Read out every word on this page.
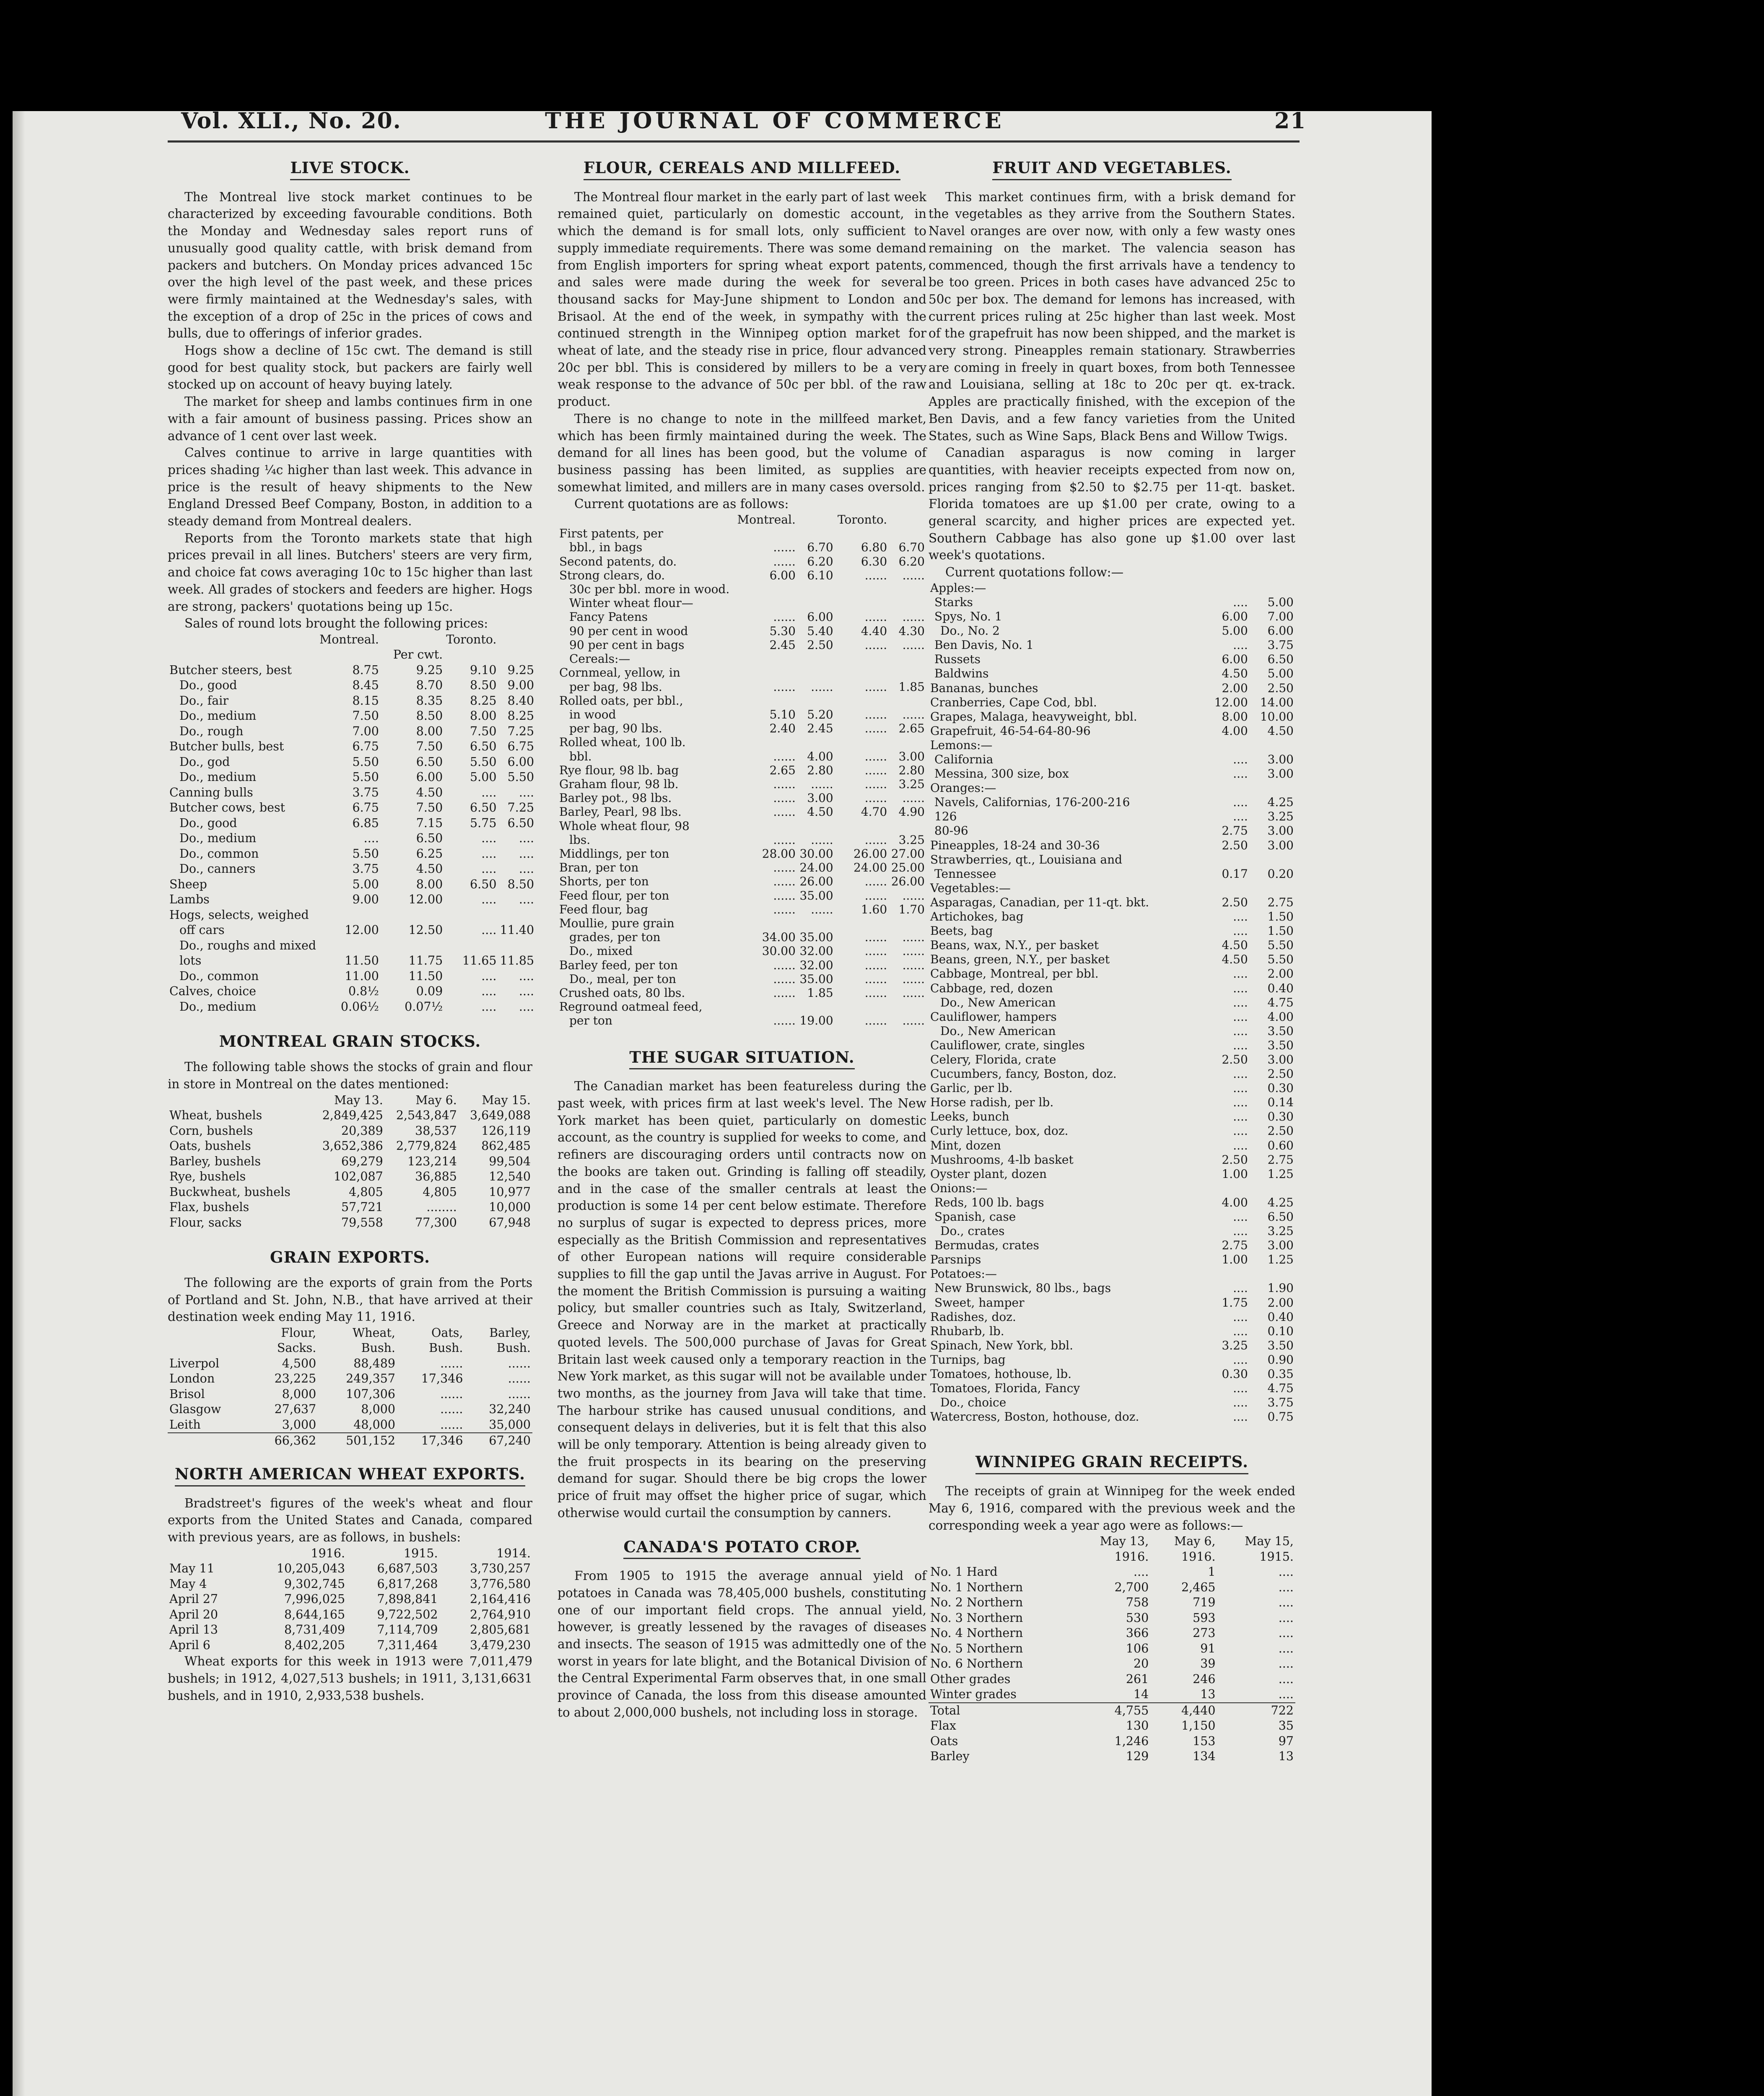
Vol. XLI., No. 20.	THE JOURNAL OF COMMERCE	21
LIVE STOCK.

The Montreal live stock market continues to be characterized by exceeding favourable conditions. Both the Monday and Wednesday sales report runs of unusually good quality cattle, with brisk demand from packers and butchers. On Monday prices advanced 15c over the high level of the past week, and these prices were firmly maintained at the Wednesday's sales, with the exception of a drop of 25c in the prices of cows and bulls, due to offerings of inferior grades.

Hogs show a decline of 15c cwt. The demand is still good for best quality stock, but packers are fairly well stocked up on account of heavy buying lately.

The market for sheep and lambs continues firm in one with a fair amount of business passing. Prices show an advance of 1 cent over last week.

Calves continue to arrive in large quantities with prices shading ¼c higher than last week. This advance in price is the result of heavy shipments to the New England Dressed Beef Company, Boston, in addition to a steady demand from Montreal dealers.

Reports from the Toronto markets state that high prices prevail in all lines. Butchers' steers are very firm, and choice fat cows averaging 10c to 15c higher than last week. All grades of stockers and feeders are higher. Hogs are strong, packers' quotations being up 15c.

Sales of round lots brought the following prices:

		Per cwt.		
	Montreal.		Toronto.	
Butcher steers, best	8.75	9.25	9.10	9.25
Do., good	8.45	8.70	8.50	9.00
Do., fair	8.15	8.35	8.25	8.40
Do., medium	7.50	8.50	8.00	8.25
Do., rough	7.00	8.00	7.50	7.25
Butcher bulls, best	6.75	7.50	6.50	6.75
Do., god	5.50	6.50	5.50	6.00
Do., medium	5.50	6.00	5.00	5.50
Canning bulls	3.75	4.50	....	....
Butcher cows, best	6.75	7.50	6.50	7.25
Do., good	6.85	7.15	5.75	6.50
Do., medium	....	6.50	....	....
Do., common	5.50	6.25	....	....
Do., canners	3.75	4.50	....	....
Sheep	5.00	8.00	6.50	8.50
Lambs	9.00	12.00	....	....
Hogs, selects, weighed				
off cars	12.00	12.50	....	11.40
Do., roughs and mixed				
lots	11.50	11.75	11.65	11.85
Do., common	11.00	11.50	....	....
Calves, choice	0.8½	0.09	....	....
Do., medium	0.06½	0.07½	....	....
MONTREAL GRAIN STOCKS.

The following table shows the stocks of grain and flour in store in Montreal on the dates mentioned:

	May 13.	May 6.	May 15.
Wheat, bushels	2,849,425	2,543,847	3,649,088
Corn, bushels	20,389	38,537	126,119
Oats, bushels	3,652,386	2,779,824	862,485
Barley, bushels	69,279	123,214	99,504
Rye, bushels	102,087	36,885	12,540
Buckwheat, bushels	4,805	4,805	10,977
Flax, bushels	57,721	........	10,000
Flour, sacks	79,558	77,300	67,948
GRAIN EXPORTS.

The following are the exports of grain from the Ports of Portland and St. John, N.B., that have arrived at their destination week ending May 11, 1916.

	Flour,	Wheat,	Oats,	Barley,
	Sacks.	Bush.	Bush.	Bush.
Liverpol	4,500	88,489	......	......
London	23,225	249,357	17,346	......
Brisol	8,000	107,306	......	......
Glasgow	27,637	8,000	......	32,240
Leith	3,000	48,000	......	35,000
	66,362	501,152	17,346	67,240
NORTH AMERICAN WHEAT EXPORTS.

Bradstreet's figures of the week's wheat and flour exports from the United States and Canada, compared with previous years, are as follows, in bushels:

	1916.	1915.	1914.
May 11	10,205,043	6,687,503	3,730,257
May 4	9,302,745	6,817,268	3,776,580
April 27	7,996,025	7,898,841	2,164,416
April 20	8,644,165	9,722,502	2,764,910
April 13	8,731,409	7,114,709	2,805,681
April 6	8,402,205	7,311,464	3,479,230

Wheat exports for this week in 1913 were 7,011,479 bushels; in 1912, 4,027,513 bushels; in 1911, 3,131,6631 bushels, and in 1910, 2,933,538 bushels.

FLOUR, CEREALS AND MILLFEED.

The Montreal flour market in the early part of last week remained quiet, particularly on domestic account, in which the demand is for small lots, only sufficient to supply immediate requirements. There was some demand from English importers for spring wheat export patents, and sales were made during the week for several thousand sacks for May-June shipment to London and Brisaol. At the end of the week, in sympathy with the continued strength in the Winnipeg option market for wheat of late, and the steady rise in price, flour advanced 20c per bbl. This is considered by millers to be a very weak response to the advance of 50c per bbl. of the raw product.

There is no change to note in the millfeed market, which has been firmly maintained during the week. The demand for all lines has been good, but the volume of business passing has been limited, as supplies are somewhat limited, and millers are in many cases oversold.

Current quotations are as follows:

	Montreal.		Toronto.	
First patents, per				
bbl., in bags	......	6.70	6.80	6.70
Second patents, do.	......	6.20	6.30	6.20
Strong clears, do.	6.00	6.10	......	......
30c per bbl. more in wood.				
Winter wheat flour—				
Fancy Patens	......	6.00	......	......
90 per cent in wood	5.30	5.40	4.40	4.30
90 per cent in bags	2.45	2.50	......	......
Cereals:—				
Cornmeal, yellow, in				
per bag, 98 lbs.	......	......	......	1.85
Rolled oats, per bbl.,				
in wood	5.10	5.20	......	......
per bag, 90 lbs.	2.40	2.45	......	2.65
Rolled wheat, 100 lb.				
bbl.	......	4.00	......	3.00
Rye flour, 98 lb. bag	2.65	2.80	......	2.80
Graham flour, 98 lb.	......	......	......	3.25
Barley pot., 98 lbs.	......	3.00	......	......
Barley, Pearl, 98 lbs.	......	4.50	4.70	4.90
Whole wheat flour, 98				
lbs.	......	......	......	3.25
Middlings, per ton	28.00	30.00	26.00	27.00
Bran, per ton	......	24.00	24.00	25.00
Shorts, per ton	......	26.00	......	26.00
Feed flour, per ton	......	35.00	......	......
Feed flour, bag	......	......	1.60	1.70
Moullie, pure grain				
grades, per ton	34.00	35.00	......	......
Do., mixed	30.00	32.00	......	......
Barley feed, per ton	......	32.00	......	......
Do., meal, per ton	......	35.00	......	......
Crushed oats, 80 lbs.	......	1.85	......	......
Reground oatmeal feed,				
per ton	......	19.00	......	......
THE SUGAR SITUATION.

The Canadian market has been featureless during the past week, with prices firm at last week's level. The New York market has been quiet, particularly on domestic account, as the country is supplied for weeks to come, and refiners are discouraging orders until contracts now on the books are taken out. Grinding is falling off steadily, and in the case of the smaller centrals at least the production is some 14 per cent below estimate. Therefore no surplus of sugar is expected to depress prices, more especially as the British Commission and representatives of other European nations will require considerable supplies to fill the gap until the Javas arrive in August. For the moment the British Commission is pursuing a waiting policy, but smaller countries such as Italy, Switzerland, Greece and Norway are in the market at practically quoted levels. The 500,000 purchase of Javas for Great Britain last week caused only a temporary reaction in the New York market, as this sugar will not be available under two months, as the journey from Java will take that time. The harbour strike has caused unusual conditions, and consequent delays in deliveries, but it is felt that this also will be only temporary. Attention is being already given to the fruit prospects in its bearing on the preserving demand for sugar. Should there be big crops the lower price of fruit may offset the higher price of sugar, which otherwise would curtail the consumption by canners.

CANADA'S POTATO CROP.

From 1905 to 1915 the average annual yield of potatoes in Canada was 78,405,000 bushels, constituting one of our important field crops. The annual yield, however, is greatly lessened by the ravages of diseases and insects. The season of 1915 was admittedly one of the worst in years for late blight, and the Botanical Division of the Central Experimental Farm observes that, in one small province of Canada, the loss from this disease amounted to about 2,000,000 bushels, not including loss in storage.

FRUIT AND VEGETABLES.

This market continues firm, with a brisk demand for the vegetables as they arrive from the Southern States. Navel oranges are over now, with only a few wasty ones remaining on the market. The valencia season has commenced, though the first arrivals have a tendency to be too green. Prices in both cases have advanced 25c to 50c per box. The demand for lemons has increased, with current prices ruling at 25c higher than last week. Most of the grapefruit has now been shipped, and the market is very strong. Pineapples remain stationary. Strawberries are coming in freely in quart boxes, from both Tennessee and Louisiana, selling at 18c to 20c per qt. ex-track. Apples are practically finished, with the excepion of the Ben Davis, and a few fancy varieties from the United States, such as Wine Saps, Black Bens and Willow Twigs.

Canadian asparagus is now coming in larger quantities, with heavier receipts expected from now on, prices ranging from $2.50 to $2.75 per 11-qt. basket. Florida tomatoes are up $1.00 per crate, owing to a general scarcity, and higher prices are expected yet. Southern Cabbage has also gone up $1.00 over last week's quotations.

Current quotations follow:—

Apples:—		
Starks	....	5.00
Spys, No. 1	6.00	7.00
Do., No. 2	5.00	6.00
Ben Davis, No. 1	....	3.75
Russets	6.00	6.50
Baldwins	4.50	5.00
Bananas, bunches	2.00	2.50
Cranberries, Cape Cod, bbl.	12.00	14.00
Grapes, Malaga, heavyweight, bbl.	8.00	10.00
Grapefruit, 46-54-64-80-96	4.00	4.50
Lemons:—		
California	....	3.00
Messina, 300 size, box	....	3.00
Oranges:—		
Navels, Californias, 176-200-216	....	4.25
126	....	3.25
80-96	2.75	3.00
Pineapples, 18-24 and 30-36	2.50	3.00
Strawberries, qt., Louisiana and		
Tennessee	0.17	0.20
Vegetables:—		
Asparagas, Canadian, per 11-qt. bkt.	2.50	2.75
Artichokes, bag	....	1.50
Beets, bag	....	1.50
Beans, wax, N.Y., per basket	4.50	5.50
Beans, green, N.Y., per basket	4.50	5.50
Cabbage, Montreal, per bbl.	....	2.00
Cabbage, red, dozen	....	0.40
Do., New American	....	4.75
Cauliflower, hampers	....	4.00
Do., New American	....	3.50
Cauliflower, crate, singles	....	3.50
Celery, Florida, crate	2.50	3.00
Cucumbers, fancy, Boston, doz.	....	2.50
Garlic, per lb.	....	0.30
Horse radish, per lb.	....	0.14
Leeks, bunch	....	0.30
Curly lettuce, box, doz.	....	2.50
Mint, dozen	....	0.60
Mushrooms, 4-lb basket	2.50	2.75
Oyster plant, dozen	1.00	1.25
Onions:—		
Reds, 100 lb. bags	4.00	4.25
Spanish, case	....	6.50
Do., crates	....	3.25
Bermudas, crates	2.75	3.00
Parsnips	1.00	1.25
Potatoes:—		
New Brunswick, 80 lbs., bags	....	1.90
Sweet, hamper	1.75	2.00
Radishes, doz.	....	0.40
Rhubarb, lb.	....	0.10
Spinach, New York, bbl.	3.25	3.50
Turnips, bag	....	0.90
Tomatoes, hothouse, lb.	0.30	0.35
Tomatoes, Florida, Fancy	....	4.75
Do., choice	....	3.75
Watercress, Boston, hothouse, doz.	....	0.75
WINNIPEG GRAIN RECEIPTS.

The receipts of grain at Winnipeg for the week ended May 6, 1916, compared with the previous week and the corresponding week a year ago were as follows:—

	May 13,	May 6,	May 15,
	1916.	1916.	1915.
No. 1 Hard	....	1	....
No. 1 Northern	2,700	2,465	....
No. 2 Northern	758	719	....
No. 3 Northern	530	593	....
No. 4 Northern	366	273	....
No. 5 Northern	106	91	....
No. 6 Northern	20	39	....
Other grades	261	246	....
Winter grades	14	13	....
Total	4,755	4,440	722
Flax	130	1,150	35
Oats	1,246	153	97
Barley	129	134	13
